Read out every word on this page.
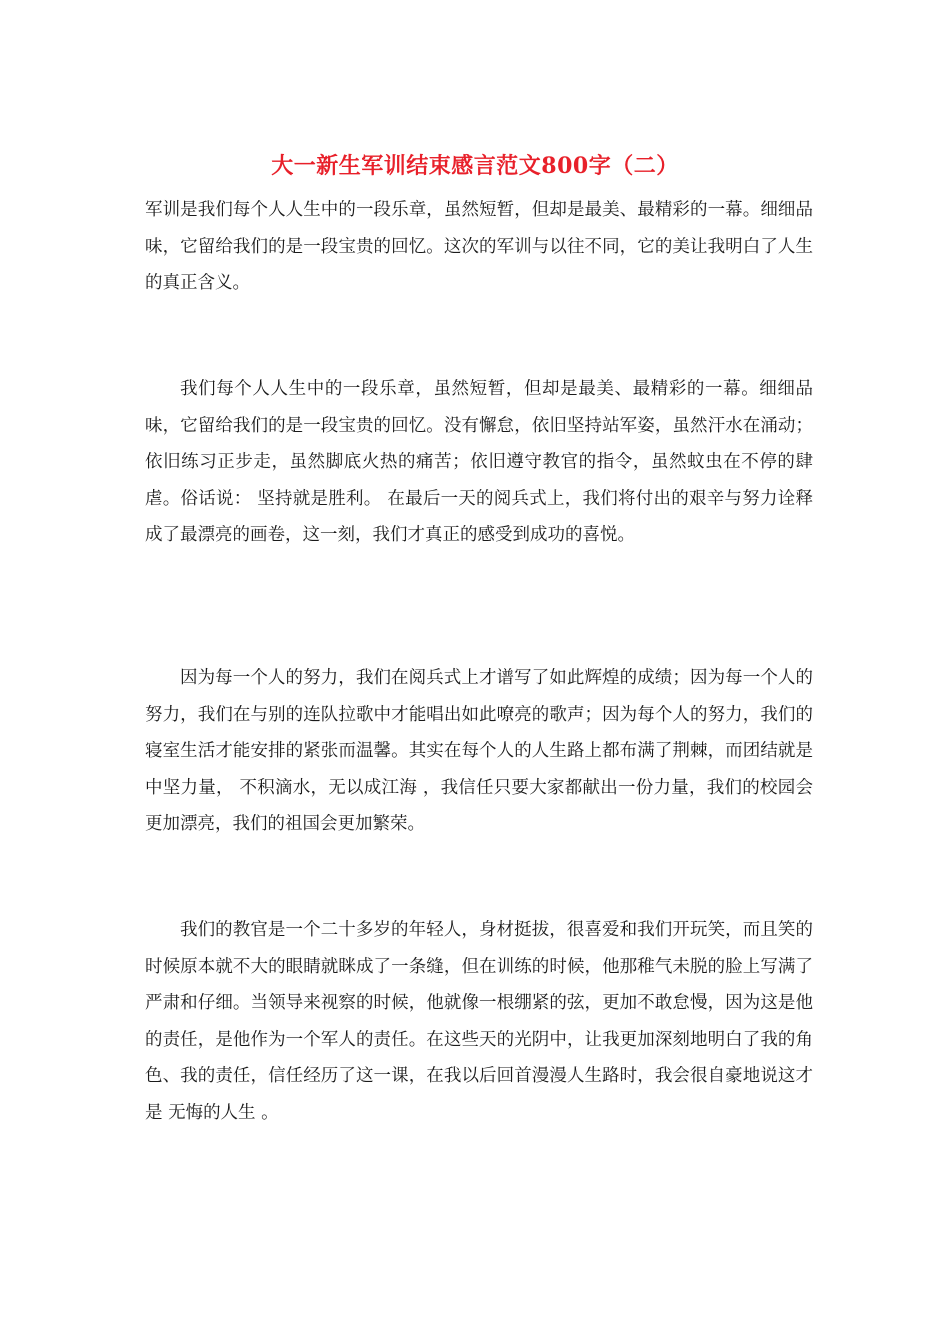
大一新生军训结束感言范文800字（二）

军训是我们每个人人生中的一段乐章，虽然短暂，但却是最美、最精彩的一幕。细细品味，它留给我们的是一段宝贵的回忆。这次的军训与以往不同，它的美让我明白了人生的真正含义。

我们每个人人生中的一段乐章，虽然短暂，但却是最美、最精彩的一幕。细细品味，它留给我们的是一段宝贵的回忆。没有懈怠，依旧坚持站军姿，虽然汗水在涌动；依旧练习正步走，虽然脚底火热的痛苦；依旧遵守教官的指令，虽然蚊虫在不停的肆虐。俗话说： 坚持就是胜利。 在最后一天的阅兵式上，我们将付出的艰辛与努力诠释成了最漂亮的画卷，这一刻，我们才真正的感受到成功的喜悦。

因为每一个人的努力，我们在阅兵式上才谱写了如此辉煌的成绩；因为每一个人的努力，我们在与别的连队拉歌中才能唱出如此嘹亮的歌声；因为每个人的努力，我们的寝室生活才能安排的紧张而温馨。其实在每个人的人生路上都布满了荆棘，而团结就是中坚力量， 不积滴水，无以成江海 ，我信任只要大家都献出一份力量，我们的校园会更加漂亮，我们的祖国会更加繁荣。

我们的教官是一个二十多岁的年轻人，身材挺拔，很喜爱和我们开玩笑，而且笑的时候原本就不大的眼睛就眯成了一条缝，但在训练的时候，他那稚气未脱的脸上写满了严肃和仔细。当领导来视察的时候，他就像一根绷紧的弦，更加不敢怠慢，因为这是他的责任，是他作为一个军人的责任。在这些天的光阴中，让我更加深刻地明白了我的角色、我的责任，信任经历了这一课，在我以后回首漫漫人生路时，我会很自豪地说这才是 无悔的人生 。
